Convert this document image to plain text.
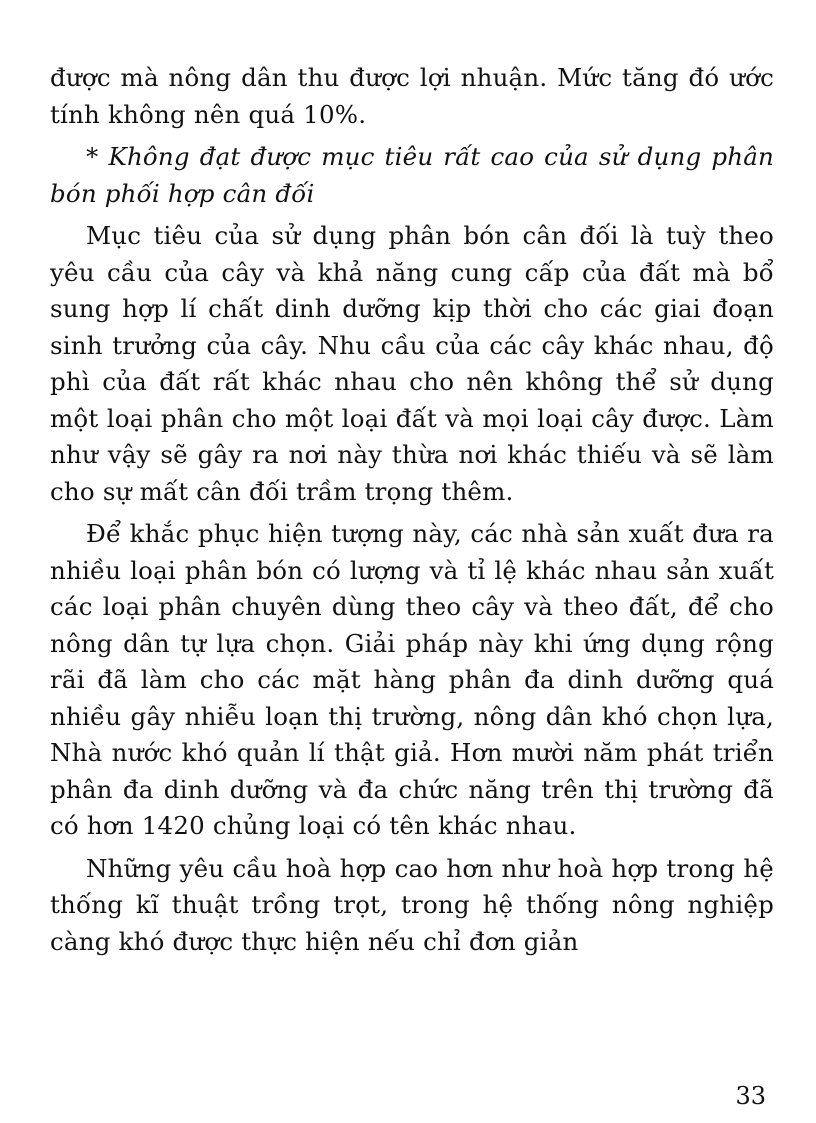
được mà nông dân thu được lợi nhuận. Mức tăng đó ước tính không nên quá 10%.

* Không đạt được mục tiêu rất cao của sử dụng phân bón phối hợp cân đối

Mục tiêu của sử dụng phân bón cân đối là tuỳ theo yêu cầu của cây và khả năng cung cấp của đất mà bổ sung hợp lí chất dinh dưỡng kịp thời cho các giai đoạn sinh trưởng của cây. Nhu cầu của các cây khác nhau, độ phì của đất rất khác nhau cho nên không thể sử dụng một loại phân cho một loại đất và mọi loại cây được. Làm như vậy sẽ gây ra nơi này thừa nơi khác thiếu và sẽ làm cho sự mất cân đối trầm trọng thêm.

Để khắc phục hiện tượng này, các nhà sản xuất đưa ra nhiều loại phân bón có lượng và tỉ lệ khác nhau sản xuất các loại phân chuyên dùng theo cây và theo đất, để cho nông dân tự lựa chọn. Giải pháp này khi ứng dụng rộng rãi đã làm cho các mặt hàng phân đa dinh dưỡng quá nhiều gây nhiễu loạn thị trường, nông dân khó chọn lựa, Nhà nước khó quản lí thật giả. Hơn mười năm phát triển phân đa dinh dưỡng và đa chức năng trên thị trường đã có hơn 1420 chủng loại có tên khác nhau.

Những yêu cầu hoà hợp cao hơn như hoà hợp trong hệ thống kĩ thuật trồng trọt, trong hệ thống nông nghiệp càng khó được thực hiện nếu chỉ đơn giản

33
